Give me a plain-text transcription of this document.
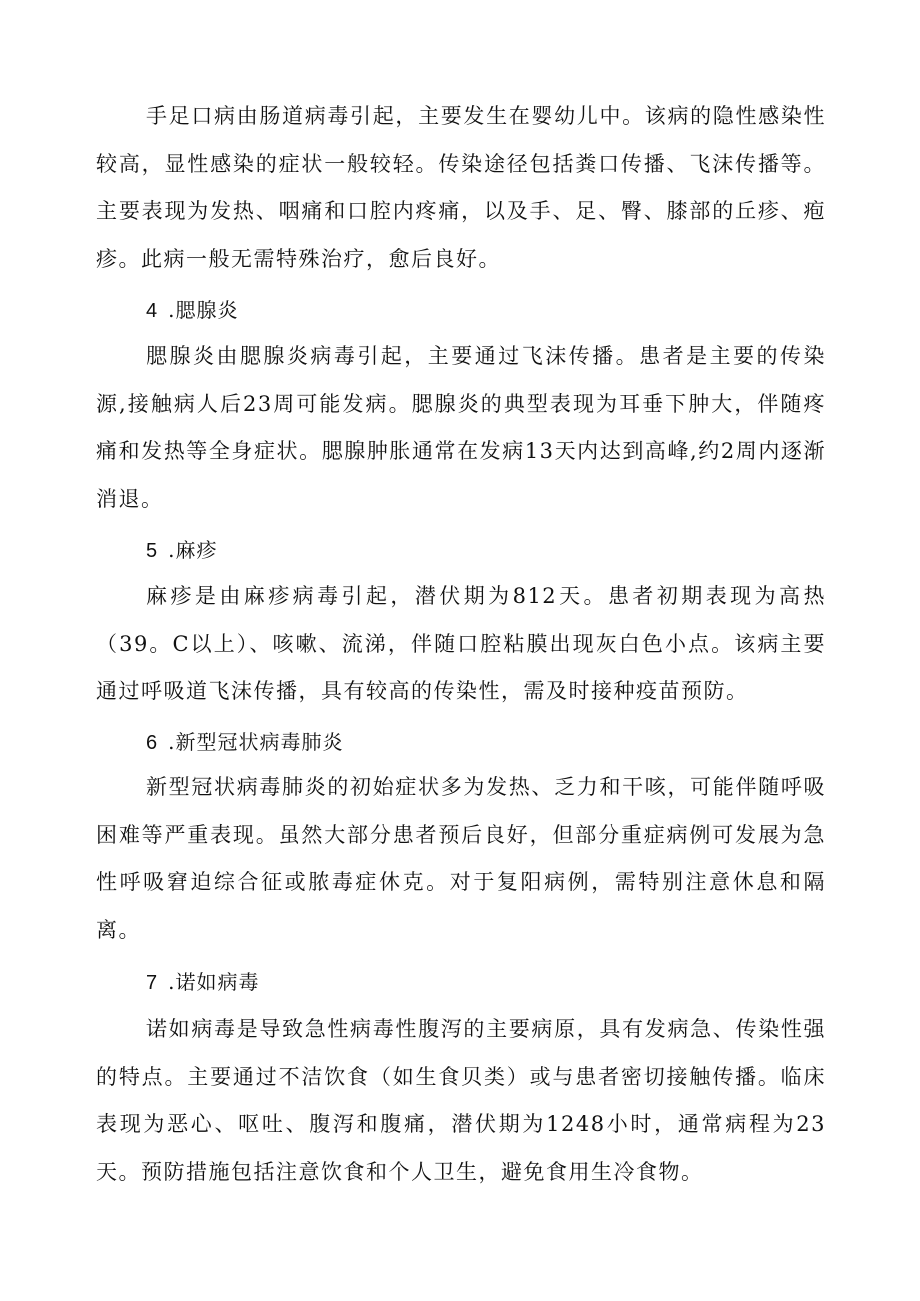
手足口病由肠道病毒引起，主要发生在婴幼儿中。该病的隐性感染性较高，显性感染的症状一般较轻。传染途径包括粪口传播、飞沫传播等。主要表现为发热、咽痛和口腔内疼痛，以及手、足、臀、膝部的丘疹、疱疹。此病一般无需特殊治疗，愈后良好。

4 .腮腺炎

腮腺炎由腮腺炎病毒引起，主要通过飞沫传播。患者是主要的传染源,接触病人后23周可能发病。腮腺炎的典型表现为耳垂下肿大，伴随疼痛和发热等全身症状。腮腺肿胀通常在发病13天内达到高峰,约2周内逐渐消退。

5 .麻疹

麻疹是由麻疹病毒引起，潜伏期为812天。患者初期表现为高热（39。C以上）、咳嗽、流涕，伴随口腔粘膜出现灰白色小点。该病主要通过呼吸道飞沫传播，具有较高的传染性，需及时接种疫苗预防。

6 .新型冠状病毒肺炎

新型冠状病毒肺炎的初始症状多为发热、乏力和干咳，可能伴随呼吸困难等严重表现。虽然大部分患者预后良好，但部分重症病例可发展为急性呼吸窘迫综合征或脓毒症休克。对于复阳病例，需特别注意休息和隔离。

7 .诺如病毒

诺如病毒是导致急性病毒性腹泻的主要病原，具有发病急、传染性强的特点。主要通过不洁饮食（如生食贝类）或与患者密切接触传播。临床表现为恶心、呕吐、腹泻和腹痛，潜伏期为1248小时，通常病程为23天。预防措施包括注意饮食和个人卫生，避免食用生冷食物。
